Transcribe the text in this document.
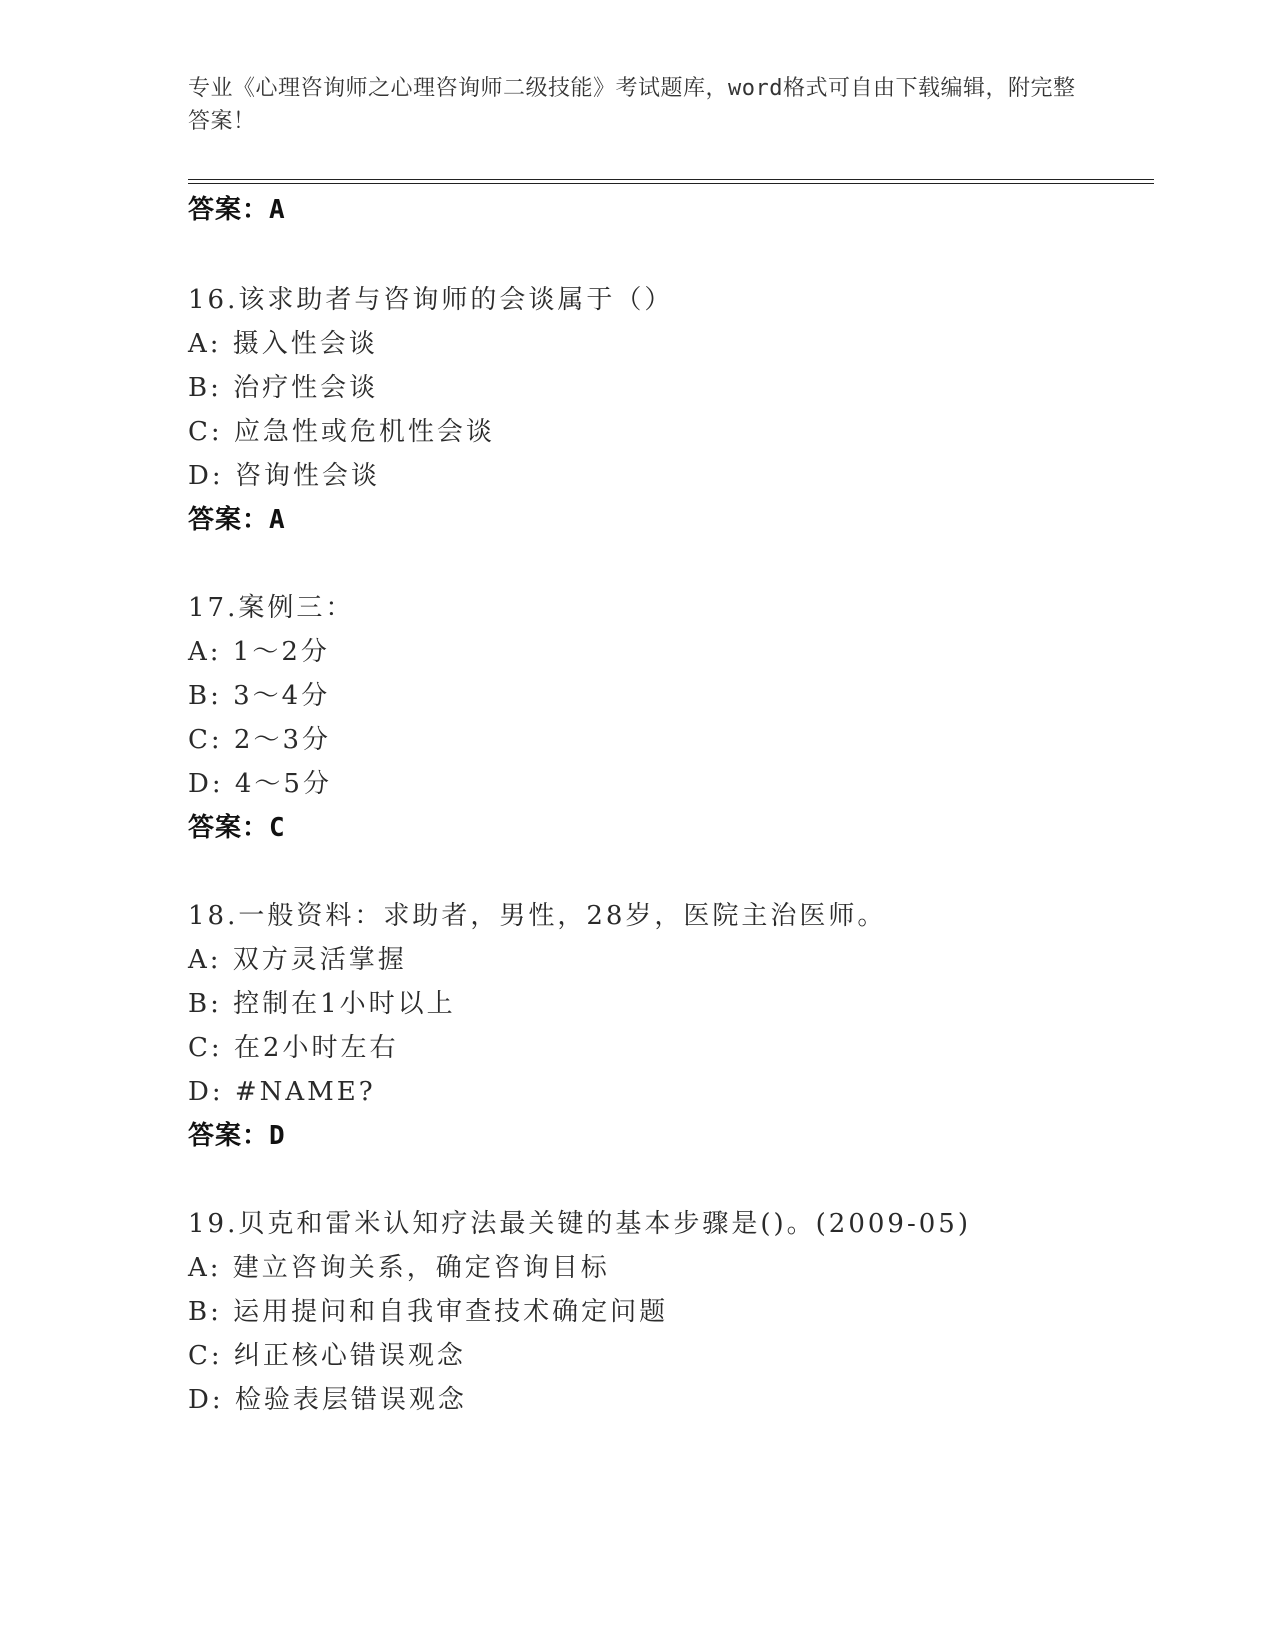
专业《心理咨询师之心理咨询师二级技能》考试题库，word格式可自由下载编辑，附完整答案！
答案：A
16.该求助者与咨询师的会谈属于（）
A: 摄入性会谈
B: 治疗性会谈
C: 应急性或危机性会谈
D: 咨询性会谈
答案：A
17.案例三：
A: 1～2分
B: 3～4分
C: 2～3分
D: 4～5分
答案：C
18.一般资料：求助者，男性，28岁，医院主治医师。
A: 双方灵活掌握
B: 控制在1小时以上
C: 在2小时左右
D: #NAME?
答案：D
19.贝克和雷米认知疗法最关键的基本步骤是()。(2009-05)
A: 建立咨询关系，确定咨询目标
B: 运用提问和自我审查技术确定问题
C: 纠正核心错误观念
D: 检验表层错误观念
